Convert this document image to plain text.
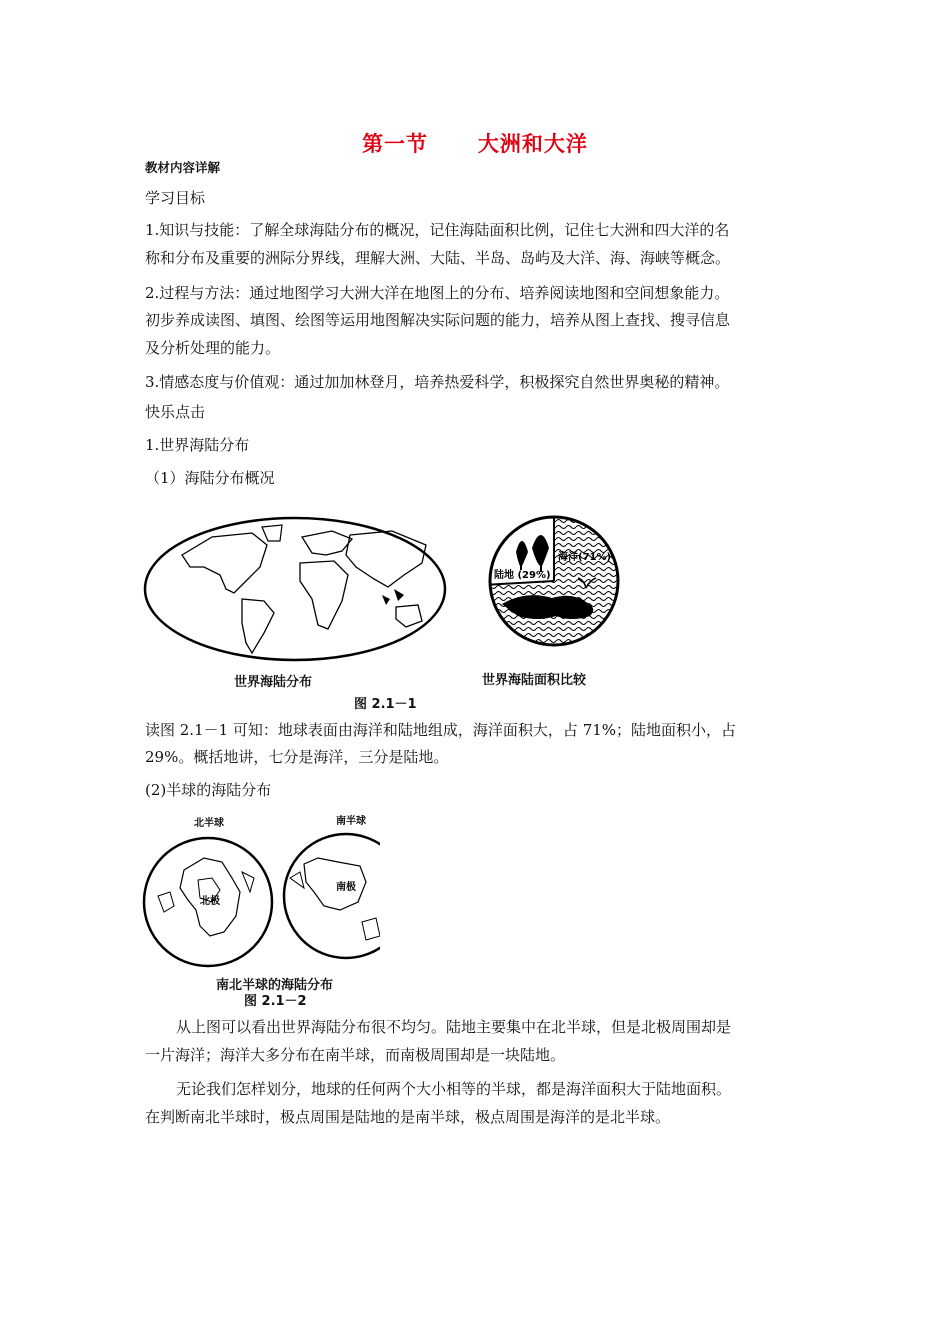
第一节      大洲和大洋
教材内容详解
学习目标
1.知识与技能：了解全球海陆分布的概况，记住海陆面积比例，记住七大洲和四大洋的名
称和分布及重要的洲际分界线，理解大洲、大陆、半岛、岛屿及大洋、海、海峡等概念。
2.过程与方法：通过地图学习大洲大洋在地图上的分布、培养阅读地图和空间想象能力。
初步养成读图、填图、绘图等运用地图解决实际问题的能力，培养从图上查找、搜寻信息
及分析处理的能力。
3.情感态度与价值观：通过加加林登月，培养热爱科学，积极探究自然世界奥秘的精神。
快乐点击
1.世界海陆分布
（1）海陆分布概况
世界海陆分布
陆地 (29%)
海洋(71%)
世界海陆面积比较
图 2.1－1
读图 2.1－1 可知：地球表面由海洋和陆地组成，海洋面积大，占 71%；陆地面积小，占
29%。概括地讲，七分是海洋，三分是陆地。
(2)半球的海陆分布
北半球	南半球
北极
南极
南北半球的海陆分布
图 2.1－2
从上图可以看出世界海陆分布很不均匀。陆地主要集中在北半球，但是北极周围却是
一片海洋；海洋大多分布在南半球，而南极周围却是一块陆地。
无论我们怎样划分，地球的任何两个大小相等的半球，都是海洋面积大于陆地面积。
在判断南北半球时，极点周围是陆地的是南半球，极点周围是海洋的是北半球。
